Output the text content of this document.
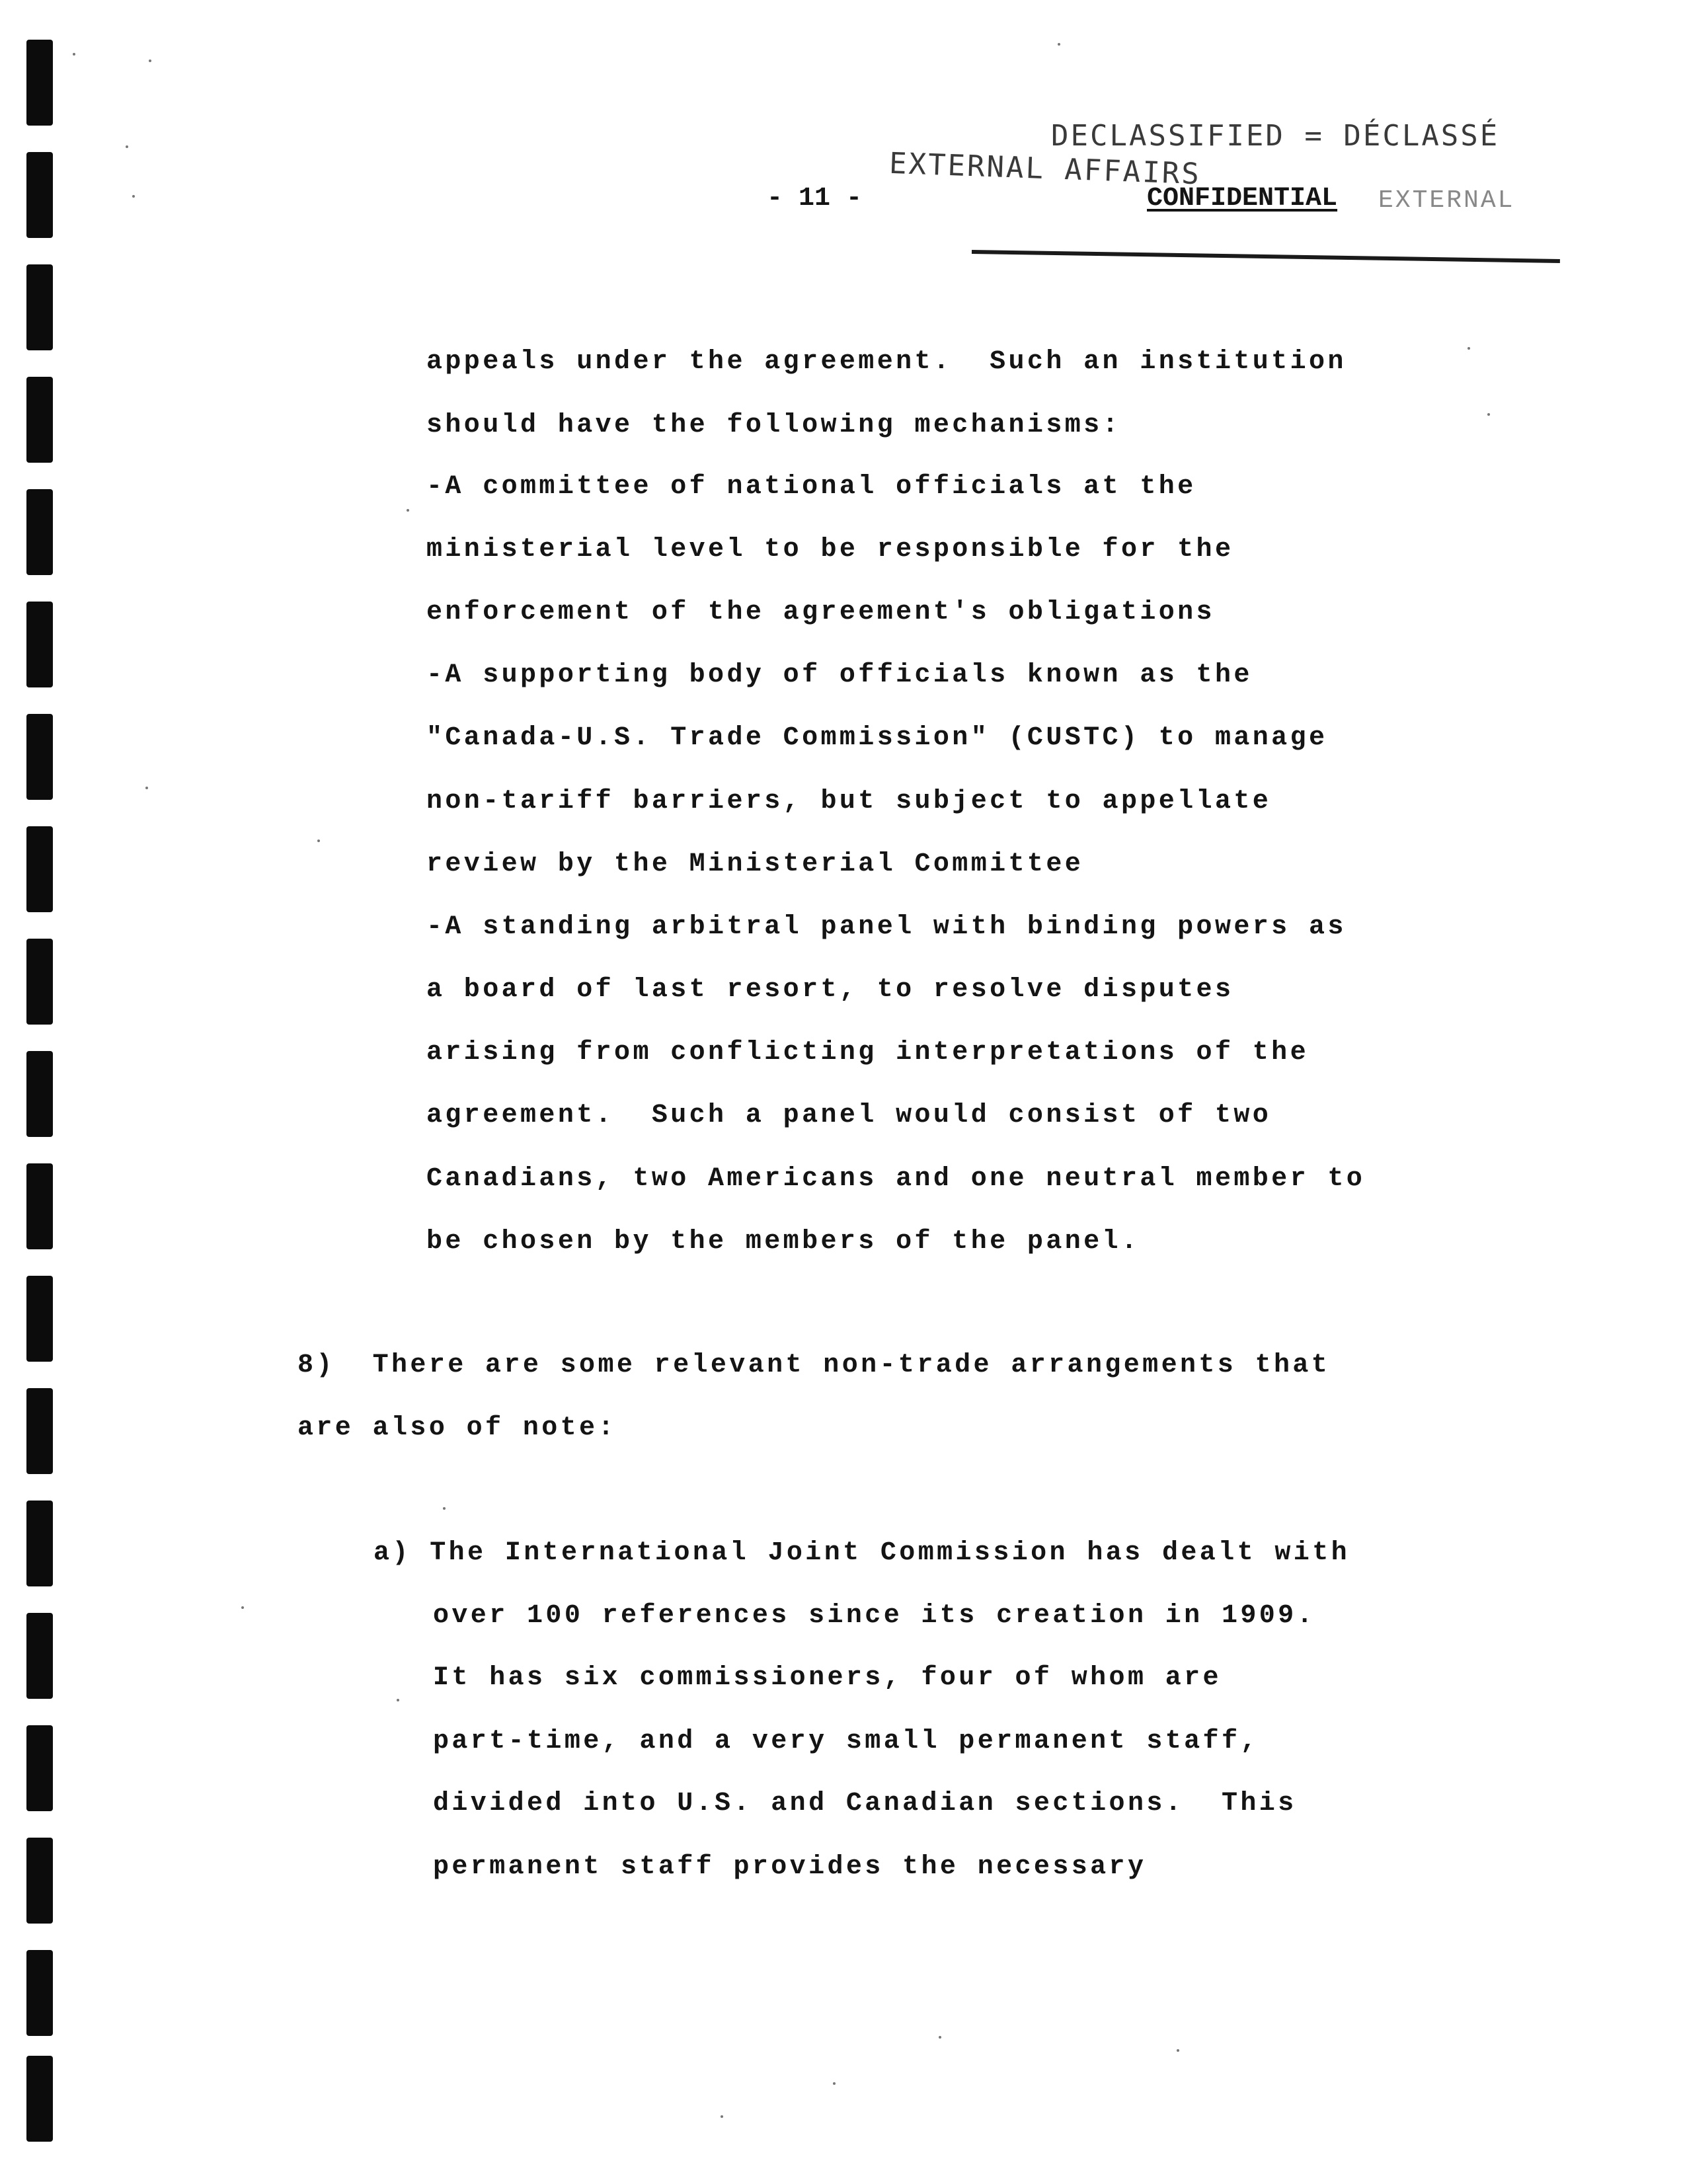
DECLASSIFIED = DÉCLASSÉ
EXTERNAL AFFAIRS
- 11 -	CONFIDENTIAL EXTERNAL
appeals under the agreement.  Such an institution
should have the following mechanisms:
-A committee of national officials at the
ministerial level to be responsible for the
enforcement of the agreement's obligations
-A supporting body of officials known as the
"Canada-U.S. Trade Commission" (CUSTC) to manage
non-tariff barriers, but subject to appellate
review by the Ministerial Committee
-A standing arbitral panel with binding powers as
a board of last resort, to resolve disputes
arising from conflicting interpretations of the
agreement.  Such a panel would consist of two
Canadians, two Americans and one neutral member to
be chosen by the members of the panel.
8)  There are some relevant non-trade arrangements that
are also of note:
a) The International Joint Commission has dealt with
over 100 references since its creation in 1909.
It has six commissioners, four of whom are
part-time, and a very small permanent staff,
divided into U.S. and Canadian sections.  This
permanent staff provides the necessary
